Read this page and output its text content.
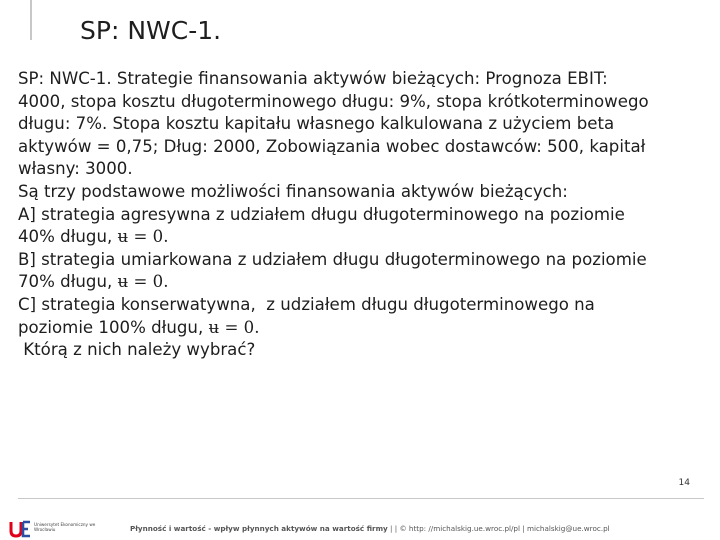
SP: NWC-1.

SP: NWC-1. Strategie finansowania aktywów bieżących: Prognoza EBIT:

4000, stopa kosztu długoterminowego długu: 9%, stopa krótkoterminowego

długu: 7%. Stopa kosztu kapitału własnego kalkulowana z użyciem beta

aktywów = 0,75; Dług: 2000, Zobowiązania wobec dostawców: 500, kapitał

własny: 3000.

Są trzy podstawowe możliwości finansowania aktywów bieżących:

A] strategia agresywna z udziałem długu długoterminowego na poziomie

40% długu, ʉ = 0.

B] strategia umiarkowana z udziałem długu długoterminowego na poziomie

70% długu, ʉ = 0.

C] strategia konserwatywna,  z udziałem długu długoterminowego na

poziomie 100% długu, ʉ = 0.

Którą z nich należy wybrać?

14
Uniwersytet Ekonomiczny we Wrocławiu	Płynność i wartość - wpływ płynnych aktywów na wartość firmy | | © http: //michalskig.ue.wroc.pl/pl | michalskig@ue.wroc.pl
